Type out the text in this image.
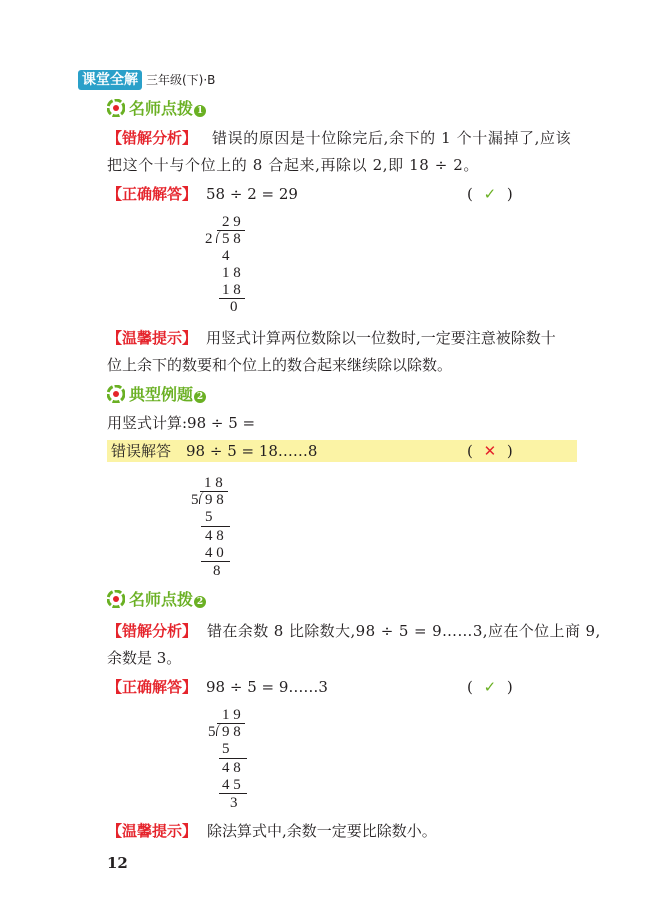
课堂全解 三年级(下)·B
名师点拨 1
【错解分析】 错误的原因是十位除完后,余下的 1 个十漏掉了,应该
把这个十与个位上的 8 合起来,再除以 2,即 18 ÷ 2。
【正确解答】 58 ÷ 2 = 29	( ✓ )
2 9
2 5 8
4
1 8
1 8
0
【温馨提示】 用竖式计算两位数除以一位数时,一定要注意被除数十
位上余下的数要和个位上的数合起来继续除以除数。
典型例题 2
用竖式计算:98 ÷ 5 =
错误解答 98 ÷ 5 = 18……8	( ✕ )
1 8
5 9 8
5
4 8
4 0
8
名师点拨 2
【错解分析】 错在余数 8 比除数大,98 ÷ 5 = 9……3,应在个位上商 9,
余数是 3。
【正确解答】 98 ÷ 5 = 9……3	( ✓ )
1 9
5 9 8
5
4 8
4 5
3
【温馨提示】 除法算式中,余数一定要比除数小。
12
